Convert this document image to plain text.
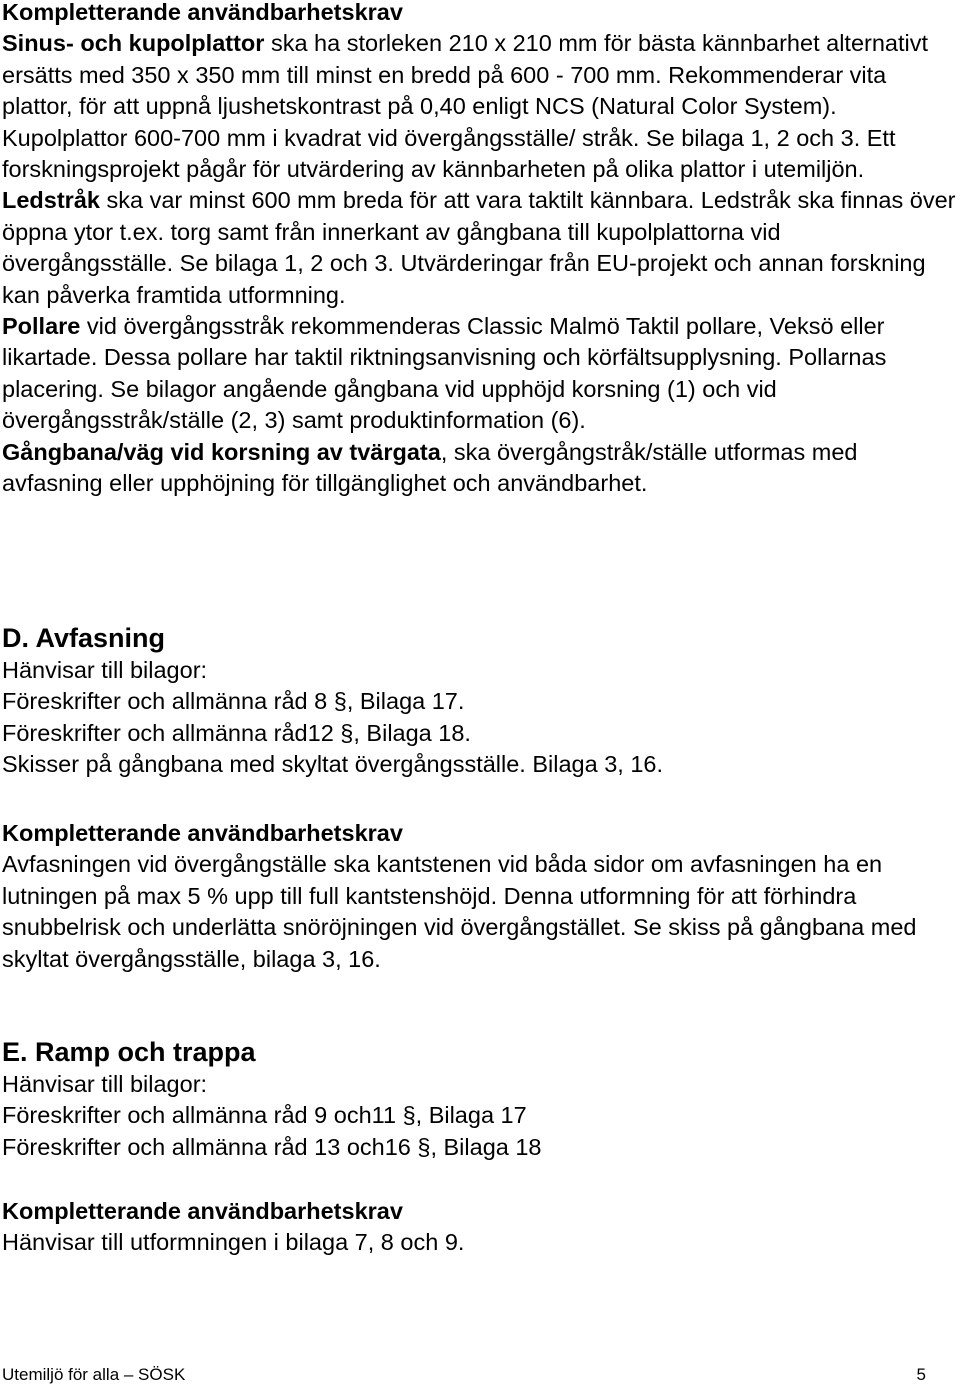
Kompletterande användbarhetskrav

Sinus- och kupolplattor ska ha storleken 210 x 210 mm för bästa kännbarhet alternativt ersätts med 350 x 350 mm till minst en bredd på 600 - 700 mm. Rekommenderar vita plattor, för att uppnå ljushetskontrast på 0,40 enligt NCS (Natural Color System). Kupolplattor 600-700 mm i kvadrat vid övergångsställe/ stråk. Se bilaga 1, 2 och 3. Ett forskningsprojekt pågår för utvärdering av kännbarheten på olika plattor i utemiljön.

Ledstråk ska var minst 600 mm breda för att vara taktilt kännbara. Ledstråk ska finnas över öppna ytor t.ex. torg samt från innerkant av gångbana till kupolplattorna vid övergångsställe. Se bilaga 1, 2 och 3. Utvärderingar från EU-projekt och annan forskning kan påverka framtida utformning.

Pollare vid övergångsstråk rekommenderas Classic Malmö Taktil pollare, Veksö eller likartade. Dessa pollare har taktil riktningsanvisning och körfältsupplysning. Pollarnas placering. Se bilagor angående gångbana vid upphöjd korsning (1) och vid övergångsstråk/ställe (2, 3) samt produktinformation (6).

Gångbana/väg vid korsning av tvärgata, ska övergångstråk/ställe utformas med avfasning eller upphöjning för tillgänglighet och användbarhet.

D. Avfasning

Hänvisar till bilagor:

Föreskrifter och allmänna råd 8 §, Bilaga 17.

Föreskrifter och allmänna råd12 §, Bilaga 18.

Skisser på gångbana med skyltat övergångsställe. Bilaga 3, 16.

Kompletterande användbarhetskrav

Avfasningen vid övergångställe ska kantstenen vid båda sidor om avfasningen ha en lutningen på max 5 % upp till full kantstenshöjd. Denna utformning för att förhindra snubbelrisk och underlätta snöröjningen vid övergångstället. Se skiss på gångbana med skyltat övergångsställe, bilaga 3, 16.

E. Ramp och trappa

Hänvisar till bilagor:

Föreskrifter och allmänna råd 9 och11 §, Bilaga 17

Föreskrifter och allmänna råd 13 och16 §, Bilaga 18

Kompletterande användbarhetskrav

Hänvisar till utformningen i bilaga 7, 8 och 9.

Utemiljö för alla – SÖSK	5
